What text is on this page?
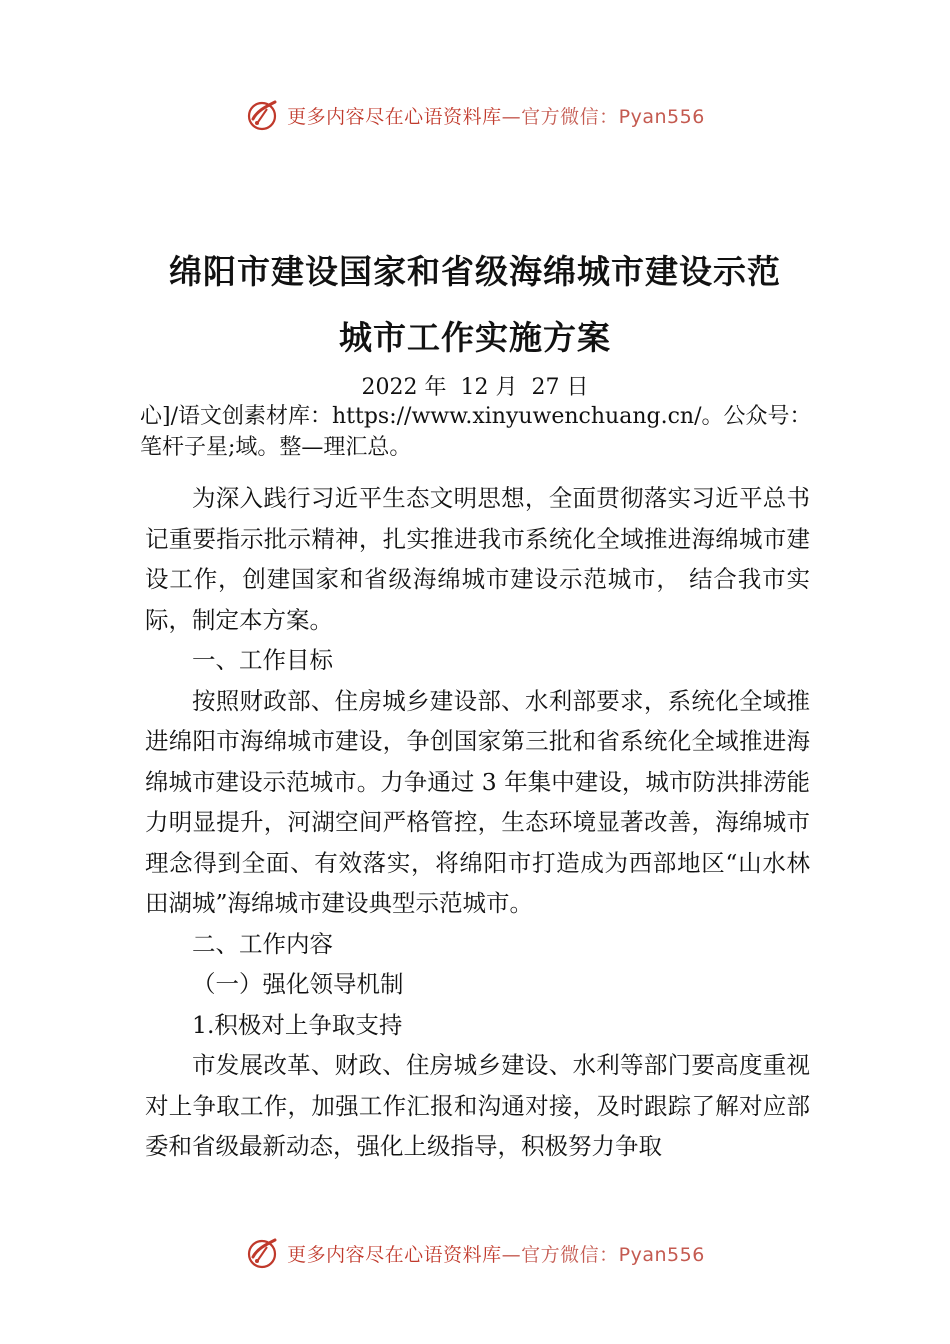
更多内容尽在心语资料库—官方微信：Pyan556
绵阳市建设国家和省级海绵城市建设示范
城市工作实施方案
2022 年  12 月  27 日
心]/语文创素材库：https://www.xinyuwenchuang.cn/。公众号：笔杆子星;域。整—理汇总。

为深入践行习近平生态文明思想，全面贯彻落实习近平总书记重要指示批示精神，扎实推进我市系统化全域推进海绵城市建设工作，创建国家和省级海绵城市建设示范城市， 结合我市实际，制定本方案。

一、工作目标

按照财政部、住房城乡建设部、水利部要求，系统化全域推进绵阳市海绵城市建设，争创国家第三批和省系统化全域推进海绵城市建设示范城市。力争通过 3 年集中建设，城市防洪排涝能力明显提升，河湖空间严格管控，生态环境显著改善，海绵城市理念得到全面、有效落实，将绵阳市打造成为西部地区“山水林田湖城”海绵城市建设典型示范城市。

二、工作内容

（一）强化领导机制

1.积极对上争取支持

市发展改革、财政、住房城乡建设、水利等部门要高度重视对上争取工作，加强工作汇报和沟通对接，及时跟踪了解对应部委和省级最新动态，强化上级指导，积极努力争取

更多内容尽在心语资料库—官方微信：Pyan556
